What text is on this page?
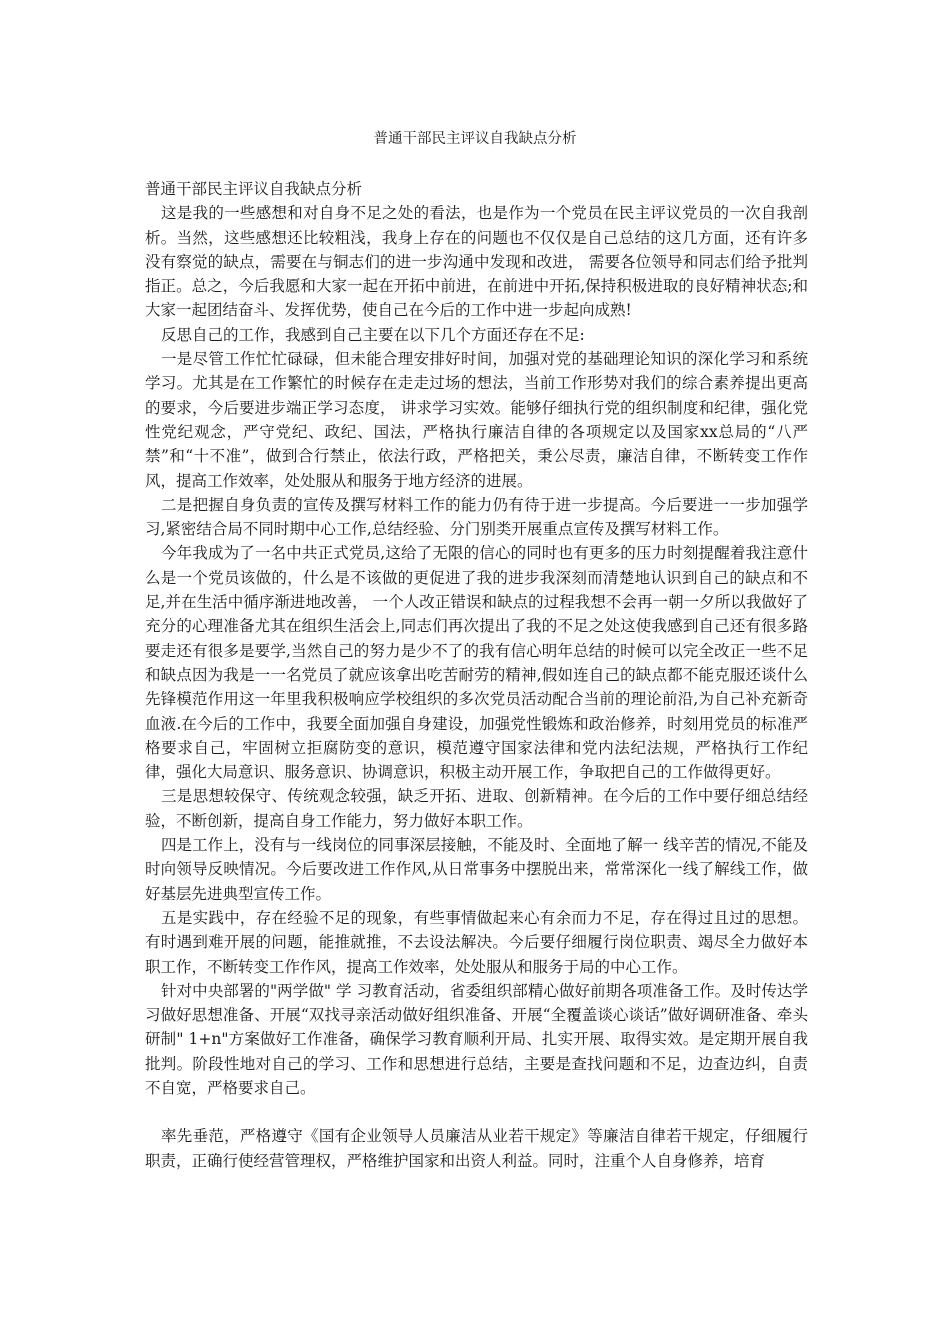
普通干部民主评议自我缺点分析
普通干部民主评议自我缺点分析

这是我的一些感想和对自身不足之处的看法，也是作为一个党员在民主评议党员的一次自我剖析。当然，这些感想还比较粗浅，我身上存在的问题也不仅仅是自己总结的这几方面，还有许多没有察觉的缺点，需要在与铜志们的进一步沟通中发现和改进， 需要各位领导和同志们给予批判指正。总之，今后我愿和大家一起在开拓中前进，在前进中开拓,保持积极进取的良好精神状态;和大家一起团结奋斗、发挥优势，使自己在今后的工作中进一步起向成熟!

反思自己的工作，我感到自己主要在以下几个方面还存在不足:

一是尽管工作忙忙碌碌，但未能合理安排好时间，加强对党的基础理论知识的深化学习和系统学习。尤其是在工作繁忙的时候存在走走过场的想法，当前工作形势对我们的综合素养提出更高的要求，今后要进步端正学习态度， 讲求学习实效。能够仔细执行党的组织制度和纪律，强化党性党纪观念，严守党纪、政纪、国法，严格执行廉洁自律的各项规定以及国家xx总局的“八严禁”和“十不准”，做到合行禁止，依法行政，严格把关，秉公尽责，廉洁自律，不断转变工作作风，提高工作效率，处处服从和服务于地方经济的进展。

二是把握自身负责的宣传及撰写材料工作的能力仍有待于进一步提高。今后要进一一步加强学习,紧密结合局不同时期中心工作,总结经验、分门别类开展重点宣传及撰写材料工作。

今年我成为了一名中共正式党员,这给了无限的信心的同时也有更多的压力时刻提醒着我注意什么是一个党员该做的，什么是不该做的更促进了我的进步我深刻而清楚地认识到自己的缺点和不足,并在生活中循序渐进地改善， 一个人改正错误和缺点的过程我想不会再一朝一夕所以我做好了充分的心理准备尤其在组织生活会上,同志们再次提出了我的不足之处这使我感到自己还有很多路要走还有很多是要学,当然自己的努力是少不了的我有信心明年总结的时候可以完全改正一些不足和缺点因为我是一一名党员了就应该拿出吃苦耐劳的精神,假如连自己的缺点都不能克服还谈什么先锋模范作用这一年里我积极响应学校组织的多次党员活动配合当前的理论前沿,为自己补充新奇血液.在今后的工作中，我要全面加强自身建设，加强党性锻炼和政治修养，时刻用党员的标准严格要求自己，牢固树立拒腐防变的意识，模范遵守国家法律和党内法纪法规，严格执行工作纪律，强化大局意识、服务意识、协调意识，积极主动开展工作，争取把自己的工作做得更好。

三是思想较保守、传统观念较强，缺乏开拓、进取、创新精神。在今后的工作中要仔细总结经验，不断创新，提高自身工作能力，努力做好本职工作。

四是工作上，没有与一线岗位的同事深层接触，不能及时、全面地了解一 线辛苦的情况,不能及时向领导反映情况。今后要改进工作作风,从日常事务中摆脱出来，常常深化一线了解线工作，做好基层先进典型宣传工作。

五是实践中，存在经验不足的现象，有些事情做起来心有余而力不足，存在得过且过的思想。有时遇到难开展的问题，能推就推，不去设法解决。今后要仔细履行岗位职责、竭尽全力做好本职工作，不断转变工作作风，提高工作效率，处处服从和服务于局的中心工作。

针对中央部署的"两学做" 学 习教育活动，省委组织部精心做好前期各项准备工作。及时传达学习做好思想准备、开展“双找寻亲活动做好组织准备、开展“全覆盖谈心谈话”做好调研准备、牵头研制" 1+n"方案做好工作准备，确保学习教育顺利开局、扎实开展、取得实效。是定期开展自我批判。阶段性地对自己的学习、工作和思想进行总结，主要是查找问题和不足，边查边纠，自责不自宽，严格要求自己。

率先垂范，严格遵守《国有企业领导人员廉洁从业若干规定》等廉洁自律若干规定，仔细履行职责，正确行使经营管理权，严格维护国家和出资人利益。同时，注重个人自身修养，培育
